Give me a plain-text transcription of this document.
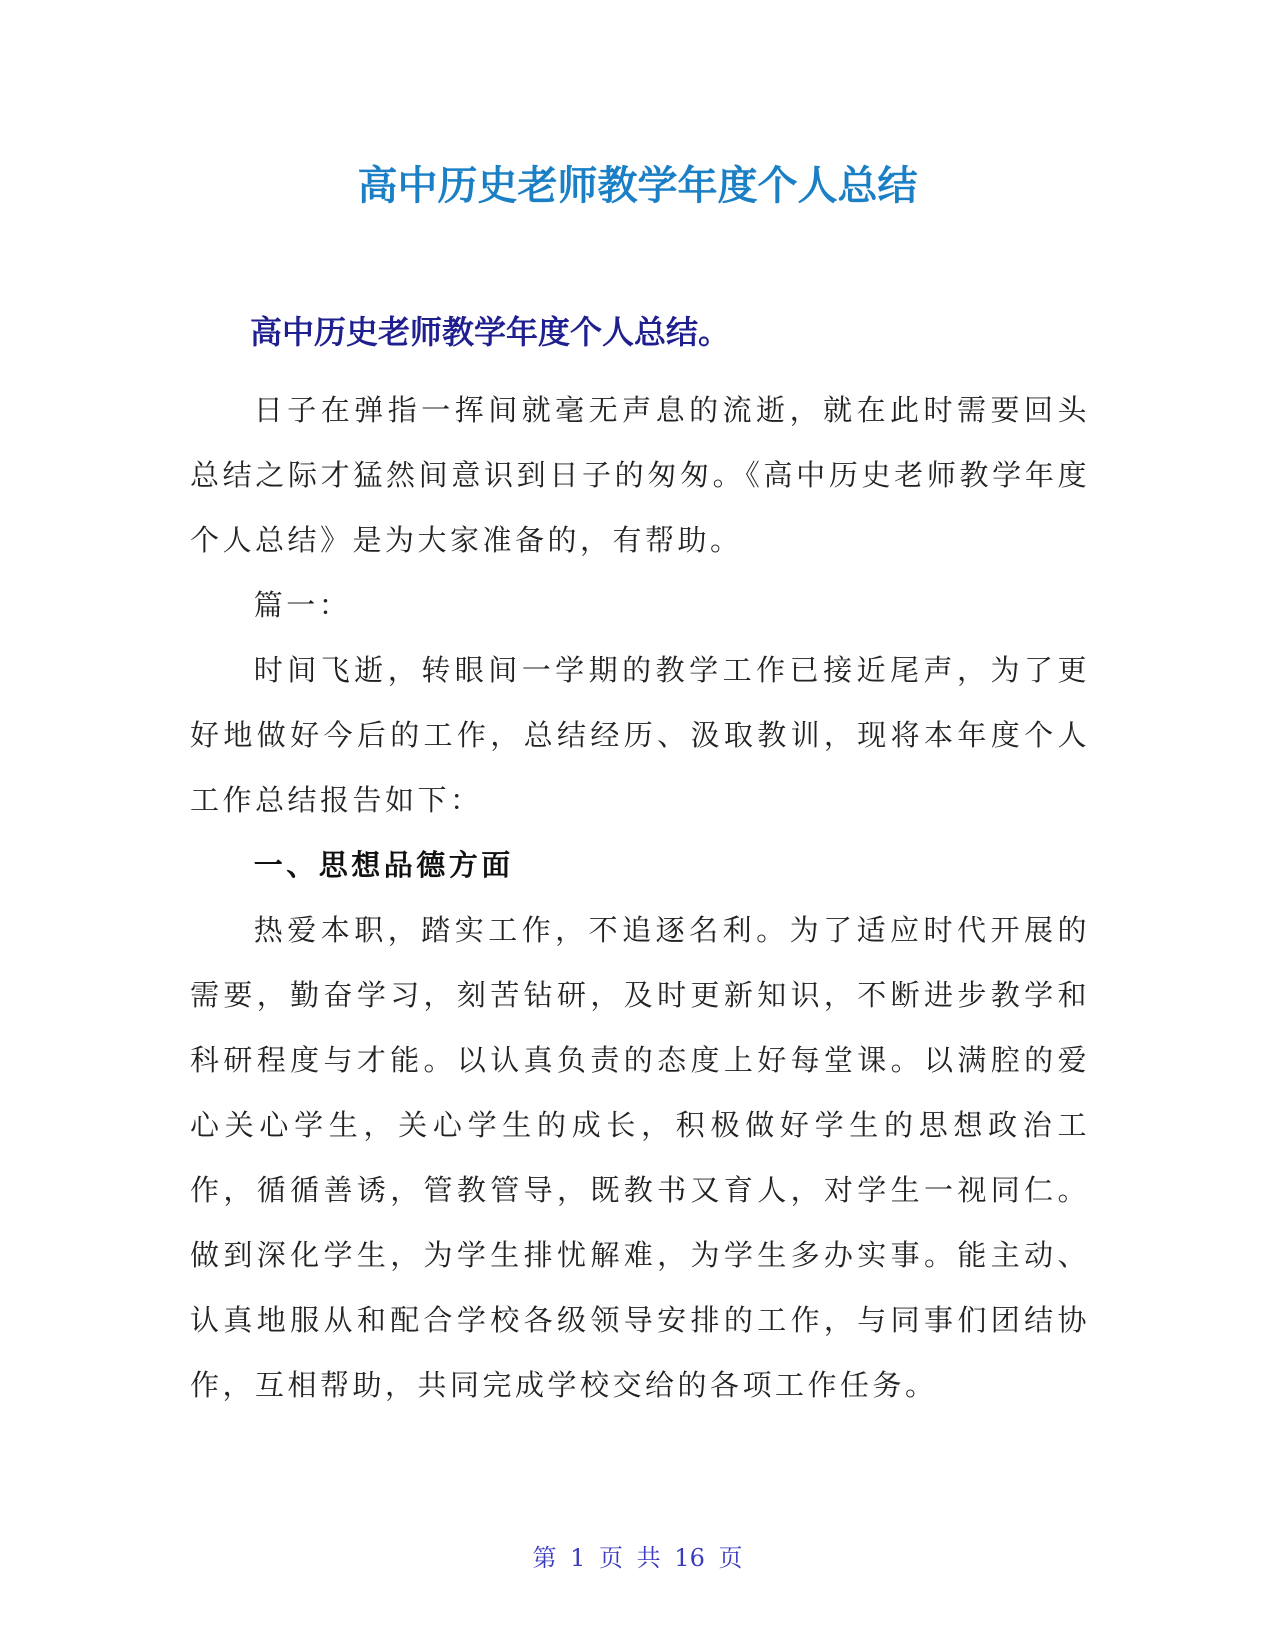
高中历史老师教学年度个人总结
高中历史老师教学年度个人总结。

日子在弹指一挥间就毫无声息的流逝，就在此时需要回头总结之际才猛然间意识到日子的匆匆。《高中历史老师教学年度个人总结》是为大家准备的，有帮助。

篇一：

时间飞逝，转眼间一学期的教学工作已接近尾声，为了更好地做好今后的工作，总结经历、汲取教训，现将本年度个人工作总结报告如下：

一、思想品德方面

热爱本职，踏实工作，不追逐名利。为了适应时代开展的需要，勤奋学习，刻苦钻研，及时更新知识，不断进步教学和科研程度与才能。以认真负责的态度上好每堂课。以满腔的爱心关心学生，关心学生的成长，积极做好学生的思想政治工作，循循善诱，管教管导，既教书又育人，对学生一视同仁。做到深化学生，为学生排忧解难，为学生多办实事。能主动、认真地服从和配合学校各级领导安排的工作，与同事们团结协作，互相帮助，共同完成学校交给的各项工作任务。

第 1 页 共 16 页
